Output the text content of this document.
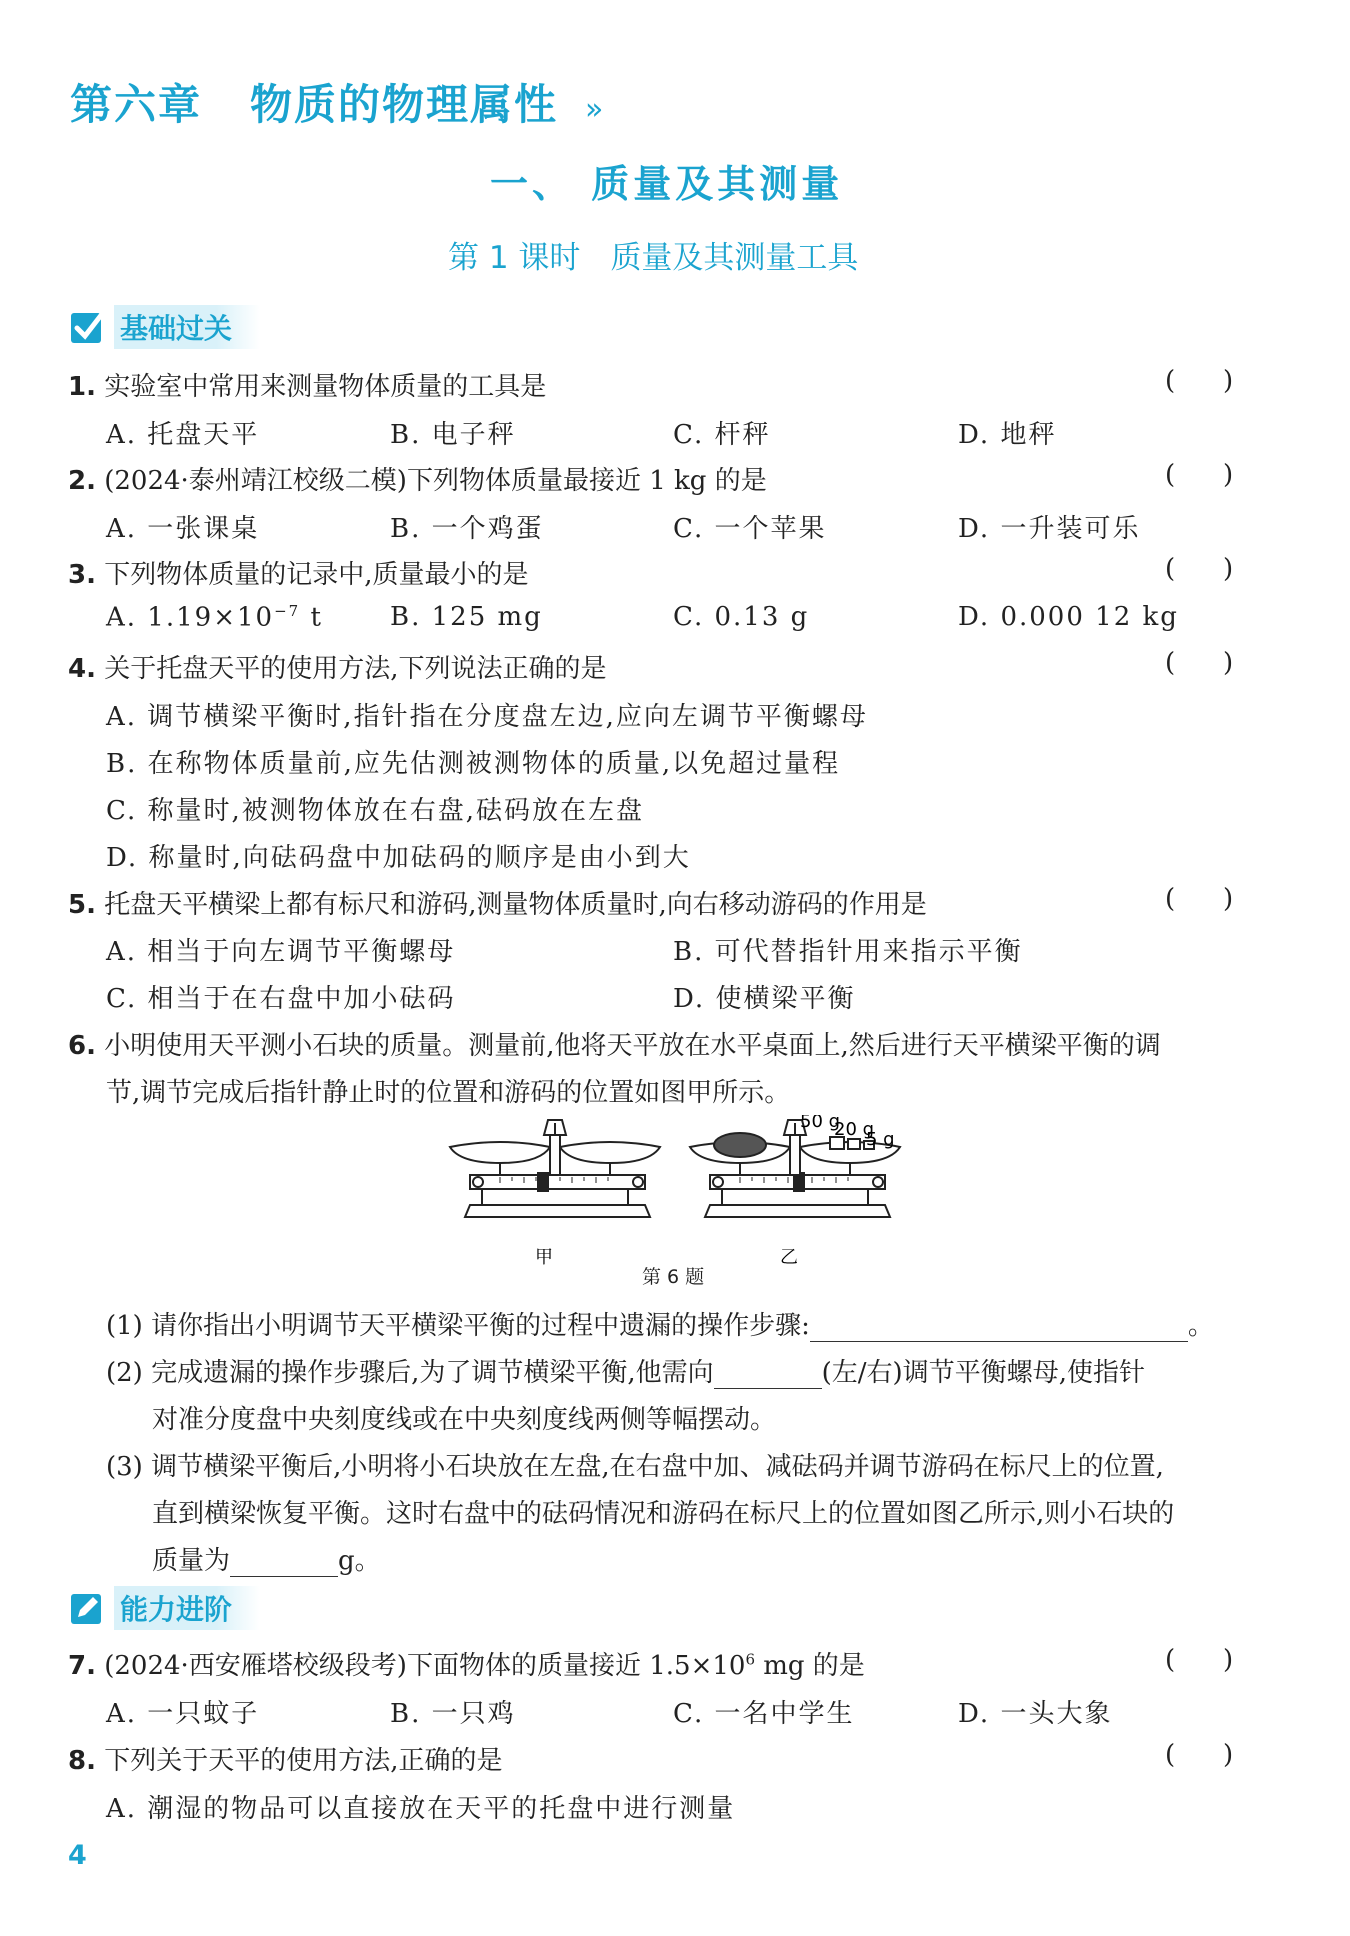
第六章 物质的物理属性 »
一、 质量及其测量
第 1 课时 质量及其测量工具
基础过关
1. 实验室中常用来测量物体质量的工具是	( )
A. 托盘天平	B. 电子秤	C. 杆秤	D. 地秤
2. (2024·泰州靖江校级二模)下列物体质量最接近 1 kg 的是	( )
A. 一张课桌	B. 一个鸡蛋	C. 一个苹果	D. 一升装可乐
3. 下列物体质量的记录中,质量最小的是	( )
A. $1.19\times 10^{-7}$ t	B. 125 mg	C. 0.13 g	D. 0.000 12 kg
4. 关于托盘天平的使用方法,下列说法正确的是	( )
A. 调节横梁平衡时,指针指在分度盘左边,应向左调节平衡螺母
B. 在称物体质量前,应先估测被测物体的质量,以免超过量程
C. 称量时,被测物体放在右盘,砝码放在左盘
D. 称量时,向砝码盘中加砝码的顺序是由小到大
5. 托盘天平横梁上都有标尺和游码,测量物体质量时,向右移动游码的作用是	( )
A. 相当于向左调节平衡螺母	B. 可代替指针用来指示平衡
C. 相当于在右盘中加小砝码	D. 使横梁平衡
6. 小明使用天平测小石块的质量。测量前,他将天平放在水平桌面上,然后进行天平横梁平衡的调
节,调节完成后指针静止时的位置和游码的位置如图甲所示。
甲	乙
50 g
20 g
5 g
第 6 题
(1) 请你指出小明调节天平横梁平衡的过程中遗漏的操作步骤:	。
(2) 完成遗漏的操作步骤后,为了调节横梁平衡,他需向	(左/右)调节平衡螺母,使指针
对准分度盘中央刻度线或在中央刻度线两侧等幅摆动。
(3) 调节横梁平衡后,小明将小石块放在左盘,在右盘中加、减砝码并调节游码在标尺上的位置,
直到横梁恢复平衡。这时右盘中的砝码情况和游码在标尺上的位置如图乙所示,则小石块的
质量为	g。
能力进阶
7. (2024·西安雁塔校级段考)下面物体的质量接近 $1.5\times 10^6$ mg 的是	( )
A. 一只蚊子	B. 一只鸡	C. 一名中学生	D. 一头大象
8. 下列关于天平的使用方法,正确的是	( )
A. 潮湿的物品可以直接放在天平的托盘中进行测量
4
